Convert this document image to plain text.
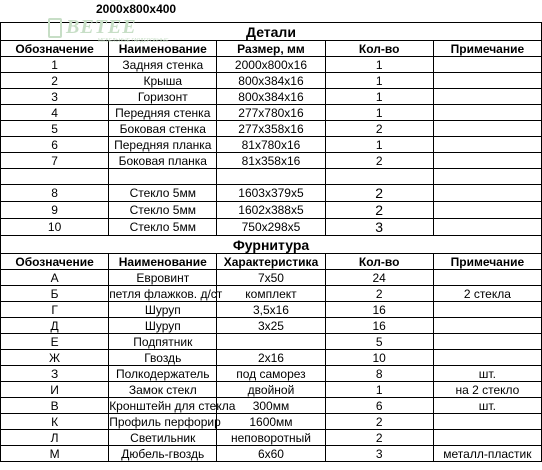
2000x800x400
Детали				
Обозначение	Наименование	Размер, мм	Кол-во	Примечание
1	Задняя стенка	2000x800x16	1	
2	Крыша	800x384x16	1	
3	Горизонт	800x384x16	1	
4	Передняя стенка	277x780x16	1	
5	Боковая стенка	277x358x16	2	
6	Передняя планка	81x780x16	1	
7	Боковая планка	81x358x16	2	

8	Стекло 5мм	1603x379x5	2	
9	Стекло 5мм	1602x388x5	2	
10	Стекло 5мм	750x298x5	3	
Фурнитура				
Обозначение	Наименование	Характеристика	Кол-во	Примечание
А	Евровинт	7x50	24	
Б	петля флажков. д/ст	комплект	2	2 стекла
Г	Шуруп	3,5x16	16	
Д	Шуруп	3x25	16	
Е	Подпятник		5	
Ж	Гвоздь	2x16	10	
З	Полкодержатель	под саморез	8	шт.
И	Замок стекл	двойной	1	на 2 стекло
В	Кронштейн для стекла	300мм	6	шт.
К	Профиль перфорир	1600мм	2	
Л	Светильник	неповоротный	2	
М	Дюбель-гвоздь	6x60	3	металл-пластик
BETEE
МЕБЕЛЬНЫЕ ГАРДЕРОБНЫЕ
